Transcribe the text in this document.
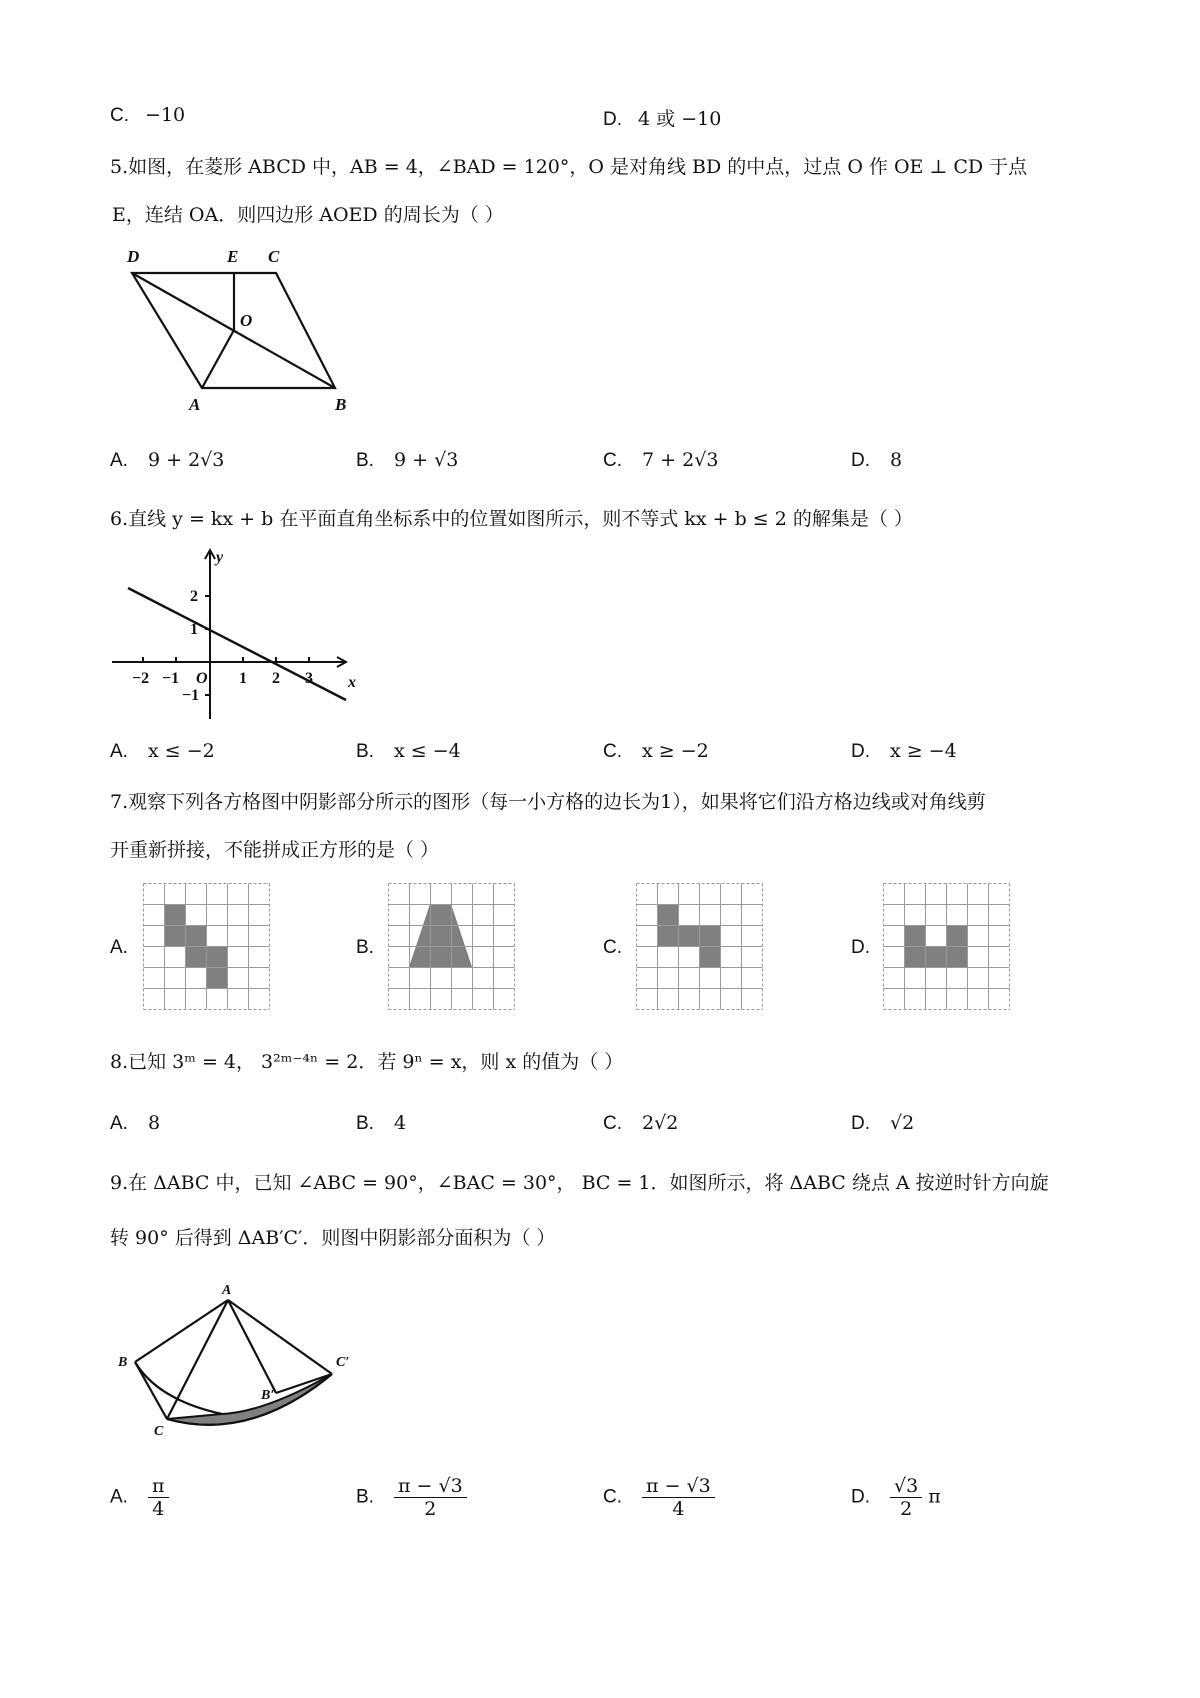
C. −10	D. 4 或 −10
5.如图，在菱形 ABCD 中，AB = 4，∠BAD = 120°，O 是对角线 BD 的中点，过点 O 作 OE ⊥ CD 于点
E，连结 OA．则四边形 AOED 的周长为（ ）
D	E C
O
A	B
A. 9 + 2√3	B. 9 + √3	C. 7 + 2√3	D. 8
6.直线 y = kx + b 在平面直角坐标系中的位置如图所示，则不等式 kx + b ≤ 2 的解集是（ ）
y
x
2
1
−1
−2 −1 O 1 2 3
A. x ≤ −2	B. x ≤ −4	C. x ≥ −2	D. x ≥ −4
7.观察下列各方格图中阴影部分所示的图形（每一小方格的边长为1），如果将它们沿方格边线或对角线剪
开重新拼接，不能拼成正方形的是（ ）
A.	B.	C.	D.
8.已知 3ᵐ = 4， 3²ᵐ⁻⁴ⁿ = 2．若 9ⁿ = x，则 x 的值为（ ）
A. 8	B. 4	C. 2√2	D. √2
9.在 ΔABC 中，已知 ∠ABC = 90°，∠BAC = 30°， BC = 1．如图所示，将 ΔABC 绕点 A 按逆时针方向旋
转 90° 后得到 ΔAB′C′．则图中阴影部分面积为（ ）
A
B
C
C′
B′
A. $\frac{\pi}{4}$	B. $\frac{\pi - √3}{2}$	C. $\frac{\pi - √3}{4}$	D. $\frac{√3}{2}$ π
